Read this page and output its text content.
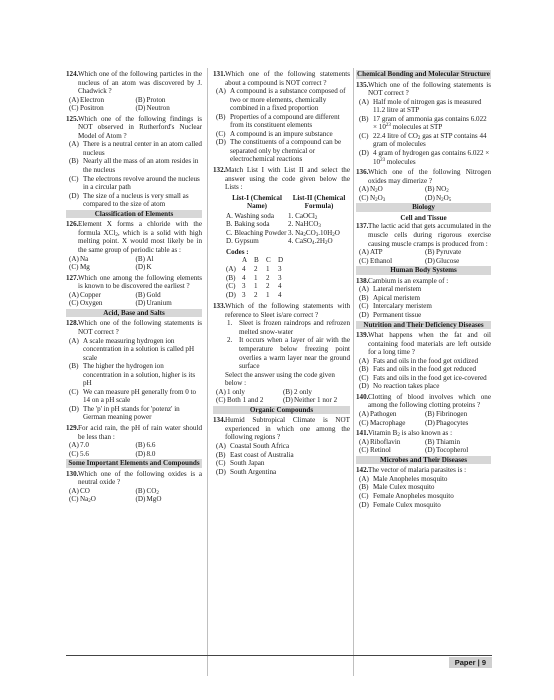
124. Which one of the following particles in the nucleus of an atom was discovered by J. Chadwick ?
(A) Electron	(B) Proton
(C) Positron	(D) Neutron
125. Which one of the following findings is NOT observed in Rutherford's Nuclear Model of Atom ?
(A) There is a neutral center in an atom called nucleus
(B) Nearly all the mass of an atom resides in the nucleus
(C) The electrons revolve around the nucleus in a circular path
(D) The size of a nucleus is very small as compared to the size of atom
Classification of Elements
126. Element X forms a chloride with the formula XCl$_2$, which is a solid with high melting point. X would most likely be in the same group of periodic table as :
(A) Na	(B) Al
(C) Mg	(D) K
127. Which one among the following elements is known to be discovered the earliest ?
(A) Copper	(B) Gold
(C) Oxygen	(D) Uranium
Acid, Base and Salts
128. Which one of the following statements is NOT correct ?
(A) A scale measuring hydrogen ion concentration in a solution is called pH scale
(B) The higher the hydrogen ion concentration in a solution, higher is its pH
(C) We can measure pH generally from 0 to 14 on a pH scale
(D) The 'p' in pH stands for 'potenz' in German meaning power
129. For acid rain, the pH of rain water should be less than :
(A) 7.0	(B) 6.6
(C) 5.6	(D) 8.0
Some Important Elements and Compounds
130. Which one of the following oxides is a neutral oxide ?
(A) CO	(B) $CO_2$
(C) $Na_2O$	(D) MgO
131. Which one of the following statements about a compound is NOT correct ?
(A) A compound is a substance composed of two or more elements, chemically combined in a fixed proportion
(B) Properties of a compound are different from its constituent elements
(C) A compound is an impure substance
(D) The constituents of a compound can be separated only by chemical or electrochemical reactions
132. Match List I with List II and select the answer using the code given below the Lists :
List-I (Chemical Name)
List-II (Chemical Formula)
A. Washing soda	1. CaOCl$_2$
B. Baking soda	2. NaHCO$_3$
C. Bleaching Powder 3. $Na_2CO_3.10H_2O$
D. Gypsum	4. $CaSO_4.2H_2O$
Codes :
A B	C	D
(A) 4	2	1	3
(B) 4	1	2	3
(C) 3	1	2	4
(D) 3	2	1	4
133. Which of the following statements with reference to Sleet is/are correct ?
1. Sleet is frozen raindrops and refrozen melted snow-water
2. It occurs when a layer of air with the temperature below freezing point overlies a warm layer near the ground surface
Select the answer using the code given below :
(A) 1 only	(B) 2 only
(C) Both 1 and 2	(D) Neither 1 nor 2
Organic Compounds
134. Humid Subtropical Climate is NOT experienced in which one among the following regions ?
(A) Coastal South Africa
(B) East coast of Australia
(C) South Japan
(D) South Argentina
Chemical Bonding and Molecular Structure
135. Which one of the following statements is NOT correct ?
(A) Half mole of nitrogen gas is measured 11.2 litre at STP
(B) 17 gram of ammonia gas contains $6.022 \times 10^{23}$ molecules at STP
(C) 22.4 litre of $CO_2$ gas at STP contains 44 gram of molecules
(D) 4 gram of hydrogen gas contains $6.022 \times 10^{23}$ molecules
136. Which one of the following Nitrogen oxides may dimerize ?
(A) $N_2O$	(B) $NO_2$
(C) $N_2O_3$	(D) $N_2O_5$
Biology
Cell and Tissue
137. The lactic acid that gets accumulated in the muscle cells during rigorous exercise causing muscle cramps is produced from :
(A) ATP	(B) Pyruvate
(C) Ethanol	(D) Glucose
Human Body Systems
138. Cambium is an example of :
(A) Lateral meristem
(B) Apical meristem
(C) Intercalary meristem
(D) Permanent tissue
Nutrition and Their Deficiency Diseases
139. What happens when the fat and oil containing food materials are left outside for a long time ?
(A) Fats and oils in the food get oxidized
(B) Fats and oils in the food get reduced
(C) Fats and oils in the food get ice-covered
(D) No reaction takes place
140. Clotting of blood involves which one among the following clotting proteins ?
(A) Pathogen	(B) Fibrinogen
(C) Macrophage	(D) Phagocytes
141. Vitamin $B_2$ is also known as :
(A) Riboflavin	(B) Thiamin
(C) Retinol	(D) Tocopherol
Microbes and Their Diseases
142. The vector of malaria parasites is :
(A) Male Anopheles mosquito
(B) Male Culex mosquito
(C) Female Anopheles mosquito
(D) Female Culex mosquito
Paper | 9
